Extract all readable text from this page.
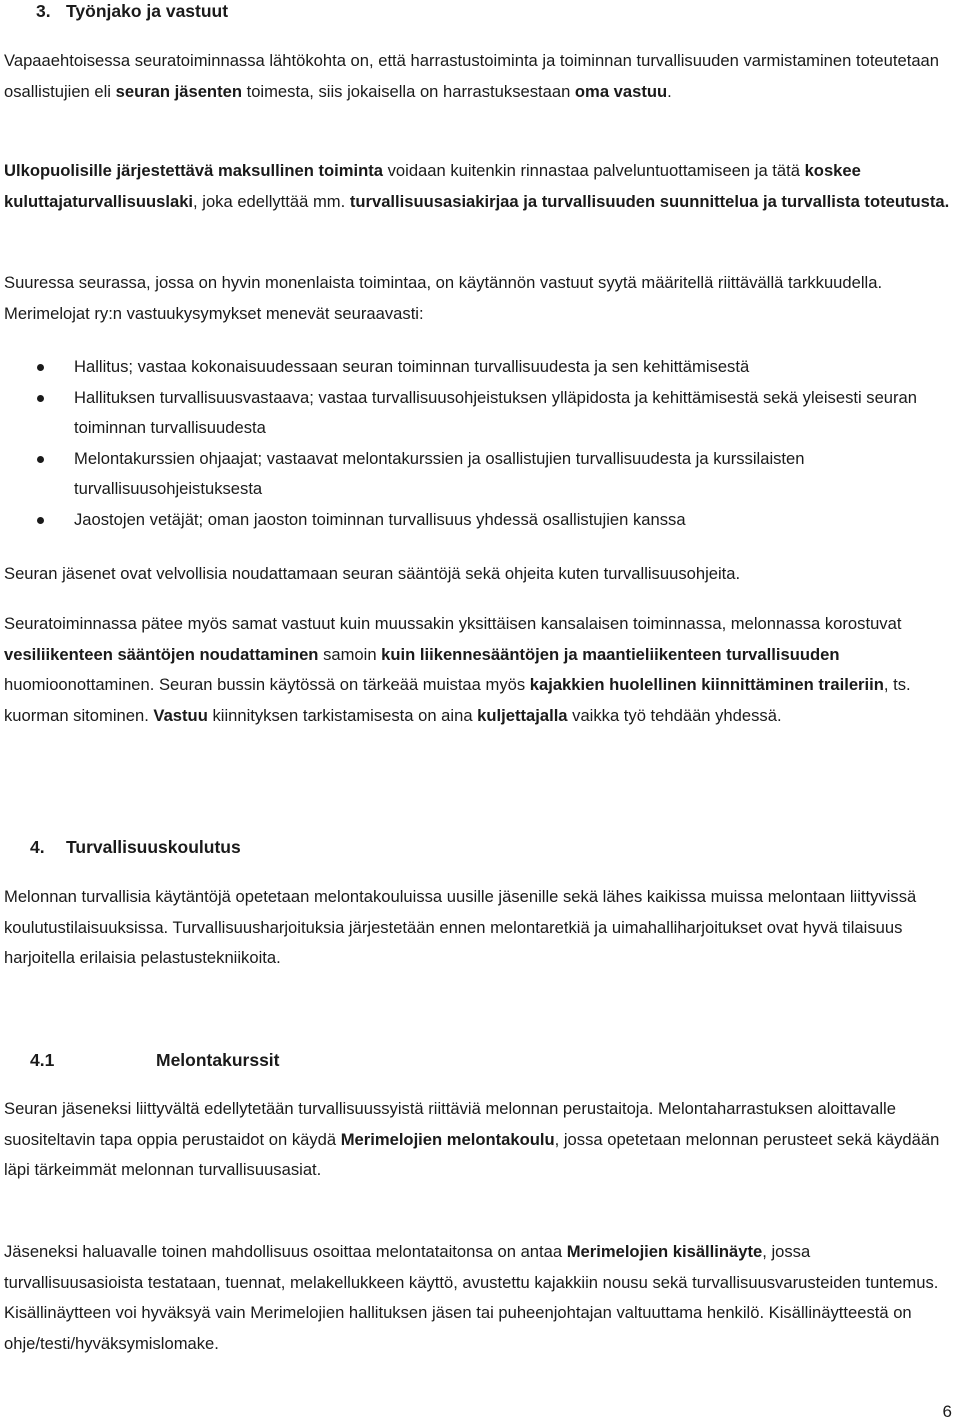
3. Työnjako ja vastuut
Vapaaehtoisessa seuratoiminnassa lähtökohta on, että harrastustoiminta ja toiminnan turvallisuuden varmistaminen toteutetaan osallistujien eli seuran jäsenten toimesta, siis jokaisella on harrastuksestaan oma vastuu.
Ulkopuolisille järjestettävä maksullinen toiminta voidaan kuitenkin rinnastaa palveluntuottamiseen ja tätä koskee kuluttajaturvallisuuslaki, joka edellyttää mm. turvallisuusasiakirjaa ja turvallisuuden suunnittelua ja turvallista toteutusta.
Suuressa seurassa, jossa on hyvin monenlaista toimintaa, on käytännön vastuut syytä määritellä riittävällä tarkkuudella. Merimelojat ry:n vastuukysymykset menevät seuraavasti:
Hallitus; vastaa kokonaisuudessaan seuran toiminnan turvallisuudesta ja sen kehittämisestä
Hallituksen turvallisuusvastaava; vastaa turvallisuusohjeistuksen ylläpidosta ja kehittämisestä sekä yleisesti seuran toiminnan turvallisuudesta
Melontakurssien ohjaajat; vastaavat melontakurssien ja osallistujien turvallisuudesta ja kurssilaisten turvallisuusohjeistuksesta
Jaostojen vetäjät; oman jaoston toiminnan turvallisuus yhdessä osallistujien kanssa
Seuran jäsenet ovat velvollisia noudattamaan seuran sääntöjä sekä ohjeita kuten turvallisuusohjeita.
Seuratoiminnassa pätee myös samat vastuut kuin muussakin yksittäisen kansalaisen toiminnassa, melonnassa korostuvat vesiliikenteen sääntöjen noudattaminen samoin kuin liikennesääntöjen ja maantieliikenteen turvallisuuden huomioonottaminen. Seuran bussin käytössä on tärkeää muistaa myös kajakkien huolellinen kiinnittäminen traileriin, ts. kuorman sitominen. Vastuu kiinnityksen tarkistamisesta on aina kuljettajalla vaikka työ tehdään yhdessä.
4. Turvallisuuskoulutus
Melonnan turvallisia käytäntöjä opetetaan melontakouluissa uusille jäsenille sekä lähes kaikissa muissa melontaan liittyvissä koulutustilaisuuksissa. Turvallisuusharjoituksia järjestetään ennen melontaretkiä ja uimahalliharjoitukset ovat hyvä tilaisuus harjoitella erilaisia pelastustekniikoita.
4.1	Melontakurssit
Seuran jäseneksi liittyvältä edellytetään turvallisuussyistä riittäviä melonnan perustaitoja. Melontaharrastuksen aloittavalle suositeltavin tapa oppia perustaidot on käydä Merimelojien melontakoulu, jossa opetetaan melonnan perusteet sekä käydään läpi tärkeimmät melonnan turvallisuusasiat.
Jäseneksi haluavalle toinen mahdollisuus osoittaa melontataitonsa on antaa Merimelojien kisällinäyte, jossa turvallisuusasioista testataan, tuennat, melakellukkeen käyttö, avustettu kajakkiin nousu sekä turvallisuusvarusteiden tuntemus. Kisällinäytteen voi hyväksyä vain Merimelojien hallituksen jäsen tai puheenjohtajan valtuuttama henkilö. Kisällinäytteestä on ohje/testi/hyväksymislomake.
6
